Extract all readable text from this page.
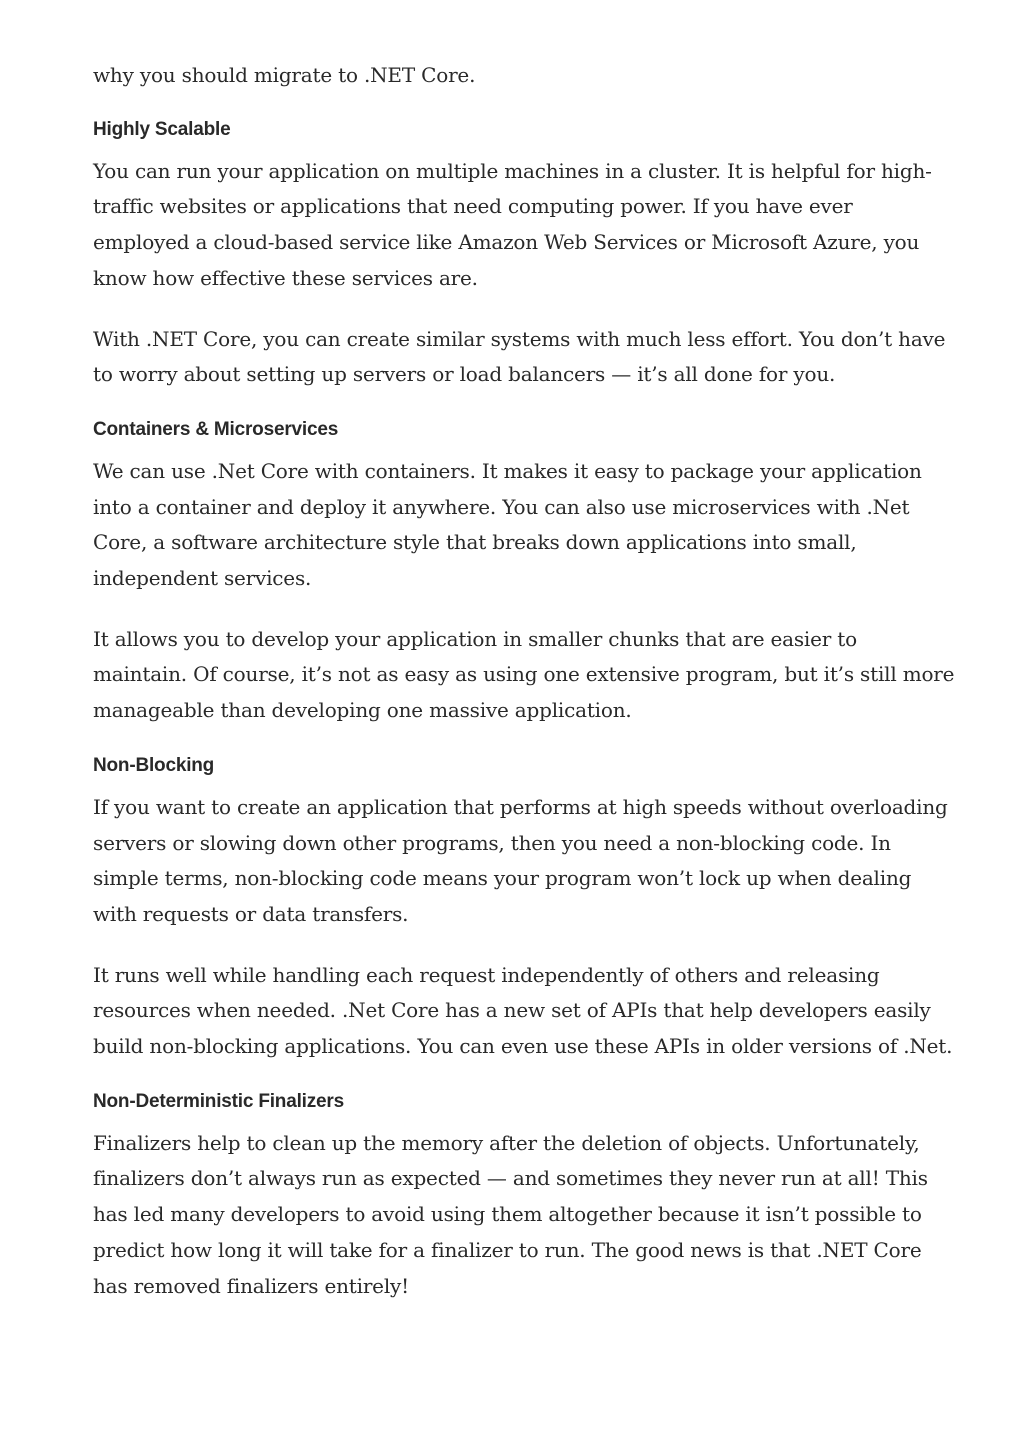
why you should migrate to .NET Core.

Highly Scalable

You can run your application on multiple machines in a cluster. It is helpful for high-traffic websites or applications that need computing power. If you have ever employed a cloud-based service like Amazon Web Services or Microsoft Azure, you know how effective these services are.

With .NET Core, you can create similar systems with much less effort. You don’t have to worry about setting up servers or load balancers — it’s all done for you.

Containers & Microservices

We can use .Net Core with containers. It makes it easy to package your application into a container and deploy it anywhere. You can also use microservices with .Net Core, a software architecture style that breaks down applications into small, independent services.

It allows you to develop your application in smaller chunks that are easier to maintain. Of course, it’s not as easy as using one extensive program, but it’s still more manageable than developing one massive application.

Non-Blocking

If you want to create an application that performs at high speeds without overloading servers or slowing down other programs, then you need a non-blocking code. In simple terms, non-blocking code means your program won’t lock up when dealing with requests or data transfers.

It runs well while handling each request independently of others and releasing resources when needed. .Net Core has a new set of APIs that help developers easily build non-blocking applications. You can even use these APIs in older versions of .Net.

Non-Deterministic Finalizers

Finalizers help to clean up the memory after the deletion of objects. Unfortunately, finalizers don’t always run as expected — and sometimes they never run at all! This has led many developers to avoid using them altogether because it isn’t possible to predict how long it will take for a finalizer to run. The good news is that .NET Core has removed finalizers entirely!
